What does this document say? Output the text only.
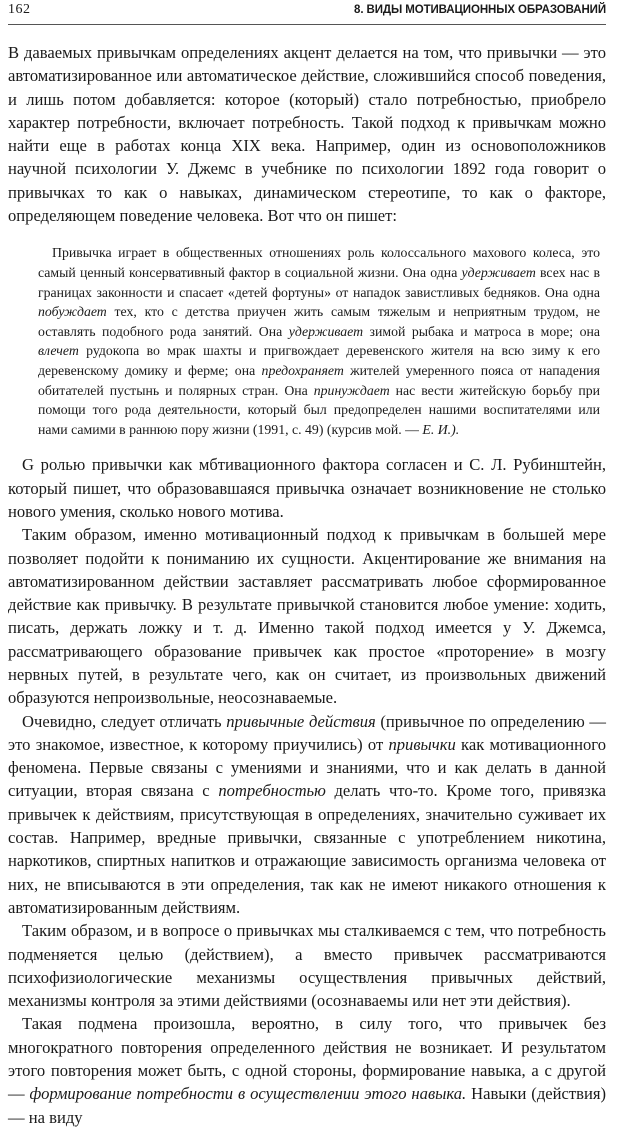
162	8. ВИДЫ МОТИВАЦИОННЫХ ОБРАЗОВАНИЙ

В даваемых привычкам определениях акцент делается на том, что привычки — это автоматизированное или автоматическое действие, сложившийся способ поведения, и лишь потом добавляется: которое (который) стало потребностью, приобрело характер потребности, включает потребность. Такой подход к привычкам можно найти еще в работах конца XIX века. Например, один из основоположников научной психологии У. Джемс в учебнике по психологии 1892 года говорит о привычках то как о навыках, динамическом стереотипе, то как о факторе, определяющем поведение человека. Вот что он пишет:

Привычка играет в общественных отношениях роль колоссального махового колеса, это самый ценный консервативный фактор в социальной жизни. Она одна удерживает всех нас в границах законности и спасает «детей фортуны» от нападок завистливых бедняков. Она одна побуждает тех, кто с детства приучен жить самым тяжелым и неприятным трудом, не оставлять подобного рода занятий. Она удерживает зимой рыбака и матроса в море; она влечет рудокопа во мрак шахты и пригвождает деревенского жителя на всю зиму к его деревенскому домику и ферме; она предохраняет жителей умеренного пояса от нападения обитателей пустынь и полярных стран. Она принуждает нас вести житейскую борьбу при помощи того рода деятельности, который был предопределен нашими воспитателями или нами самими в раннюю пору жизни (1991, с. 49) (курсив мой. — Е. И.).

G ролью привычки как мбтивационного фактора согласен и С. Л. Рубинштейн, который пишет, что образовавшаяся привычка означает возникновение не столько нового умения, сколько нового мотива.

Таким образом, именно мотивационный подход к привычкам в большей мере позволяет подойти к пониманию их сущности. Акцентирование же внимания на автоматизированном действии заставляет рассматривать любое сформированное действие как привычку. В результате привычкой становится любое умение: ходить, писать, держать ложку и т. д. Именно такой подход имеется у У. Джемса, рассматривающего образование привычек как простое «проторение» в мозгу нервных путей, в результате чего, как он считает, из произвольных движений образуются непроизвольные, неосознаваемые.

Очевидно, следует отличать привычные действия (привычное по определению — это знакомое, известное, к которому приучились) от привычки как мотивационного феномена. Первые связаны с умениями и знаниями, что и как делать в данной ситуации, вторая связана с потребностью делать что-то. Кроме того, привязка привычек к действиям, присутствующая в определениях, значительно суживает их состав. Например, вредные привычки, связанные с употреблением никотина, наркотиков, спиртных напитков и отражающие зависимость организма человека от них, не вписываются в эти определения, так как не имеют никакого отношения к автоматизированным действиям.

Таким образом, и в вопросе о привычках мы сталкиваемся с тем, что потребность подменяется целью (действием), а вместо привычек рассматриваются психофизиологические механизмы осуществления привычных действий, механизмы контроля за этими действиями (осознаваемы или нет эти действия).

Такая подмена произошла, вероятно, в силу того, что привычек без многократного повторения определенного действия не возникает. И результатом этого повторения может быть, с одной стороны, формирование навыка, а с другой — формирование потребности в осуществлении этого навыка. Навыки (действия) — на виду
